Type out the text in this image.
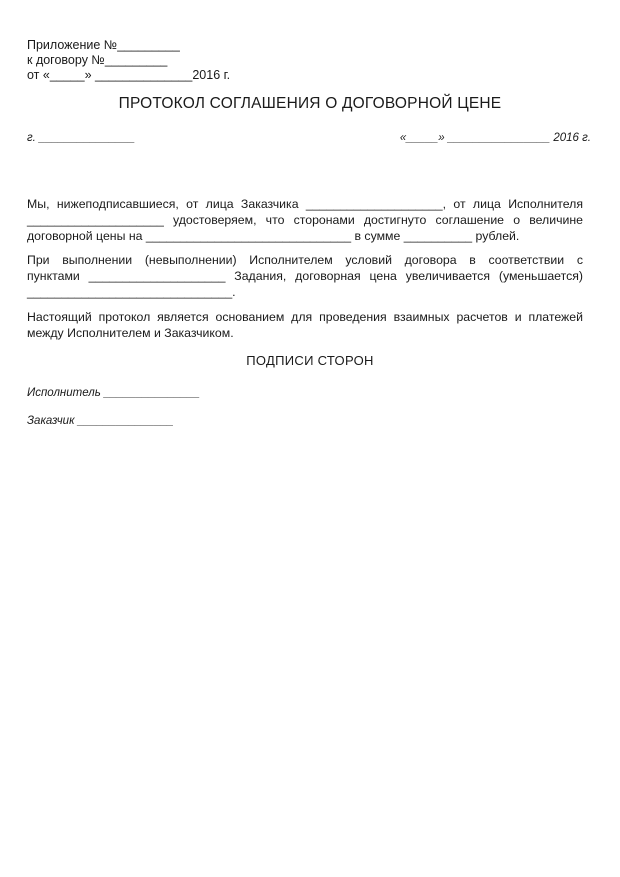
Приложение №_________
к договору №_________
от «_____» ______________2016 г.
ПРОТОКОЛ СОГЛАШЕНИЯ О ДОГОВОРНОЙ ЦЕНЕ
г. _______________	«_____» ________________ 2016 г.
Мы, нижеподписавшиеся, от лица Заказчика ____________________, от лица Исполнителя
____________________ удостоверяем, что сторонами достигнуто соглашение о величине
договорной цены на ______________________________ в сумме __________ рублей.
При выполнении (невыполнении) Исполнителем условий договора в соответствии с
пунктами ____________________ Задания, договорная цена увеличивается (уменьшается)
______________________________.
Настоящий протокол является основанием для проведения взаимных расчетов и платежей
между Исполнителем и Заказчиком.
ПОДПИСИ СТОРОН
Исполнитель _______________
Заказчик _______________
